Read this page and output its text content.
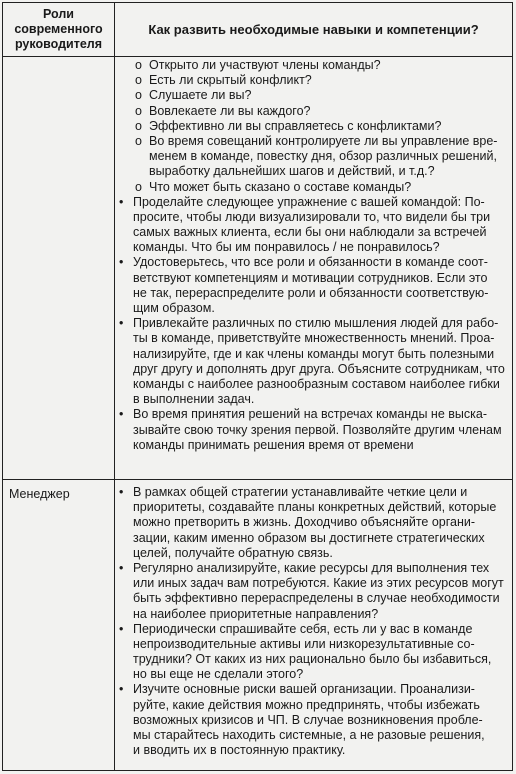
Роли
современного
руководителя
Как развить необходимые навыки и компетенции?
o Открыто ли участвуют члены команды?
o Есть ли скрытый конфликт?
o Слушаете ли вы?
o Вовлекаете ли вы каждого?
o Эффективно ли вы справляетесь с конфликтами?
o Во время совещаний контролируете ли вы управление вре-
менем в команде, повестку дня, обзор различных решений,
выработку дальнейших шагов и действий, и т.д.?
o Что может быть сказано о составе команды?
• Проделайте следующее упражнение с вашей командой: По-
просите, чтобы люди визуализировали то, что видели бы три
самых важных клиента, если бы они наблюдали за встречей
команды. Что бы им понравилось / не понравилось?
• Удостоверьтесь, что все роли и обязанности в команде соот-
ветствуют компетенциям и мотивации сотрудников. Если это
не так, перераспределите роли и обязанности соответствую-
щим образом.
• Привлекайте различных по стилю мышления людей для рабо-
ты в команде, приветствуйте множественность мнений. Проа-
нализируйте, где и как члены команды могут быть полезными
друг другу и дополнять друг друга. Объясните сотрудникам, что
команды с наиболее разнообразным составом наиболее гибки
в выполнении задач.
• Во время принятия решений на встречах команды не выска-
зывайте свою точку зрения первой. Позволяйте другим членам
команды принимать решения время от времени
Менеджер	• В рамках общей стратегии устанавливайте четкие цели и
приоритеты, создавайте планы конкретных действий, которые
можно претворить в жизнь. Доходчиво объясняйте органи-
зации, каким именно образом вы достигнете стратегических
целей, получайте обратную связь.
• Регулярно анализируйте, какие ресурсы для выполнения тех
или иных задач вам потребуются. Какие из этих ресурсов могут
быть эффективно перераспределены в случае необходимости
на наиболее приоритетные направления?
• Периодически спрашивайте себя, есть ли у вас в команде
непроизводительные активы или низкорезультативные со-
трудники? От каких из них рационально было бы избавиться,
но вы еще не сделали этого?
• Изучите основные риски вашей организации. Проанализи-
руйте, какие действия можно предпринять, чтобы избежать
возможных кризисов и ЧП. В случае возникновения пробле-
мы старайтесь находить системные, а не разовые решения,
и вводить их в постоянную практику.
